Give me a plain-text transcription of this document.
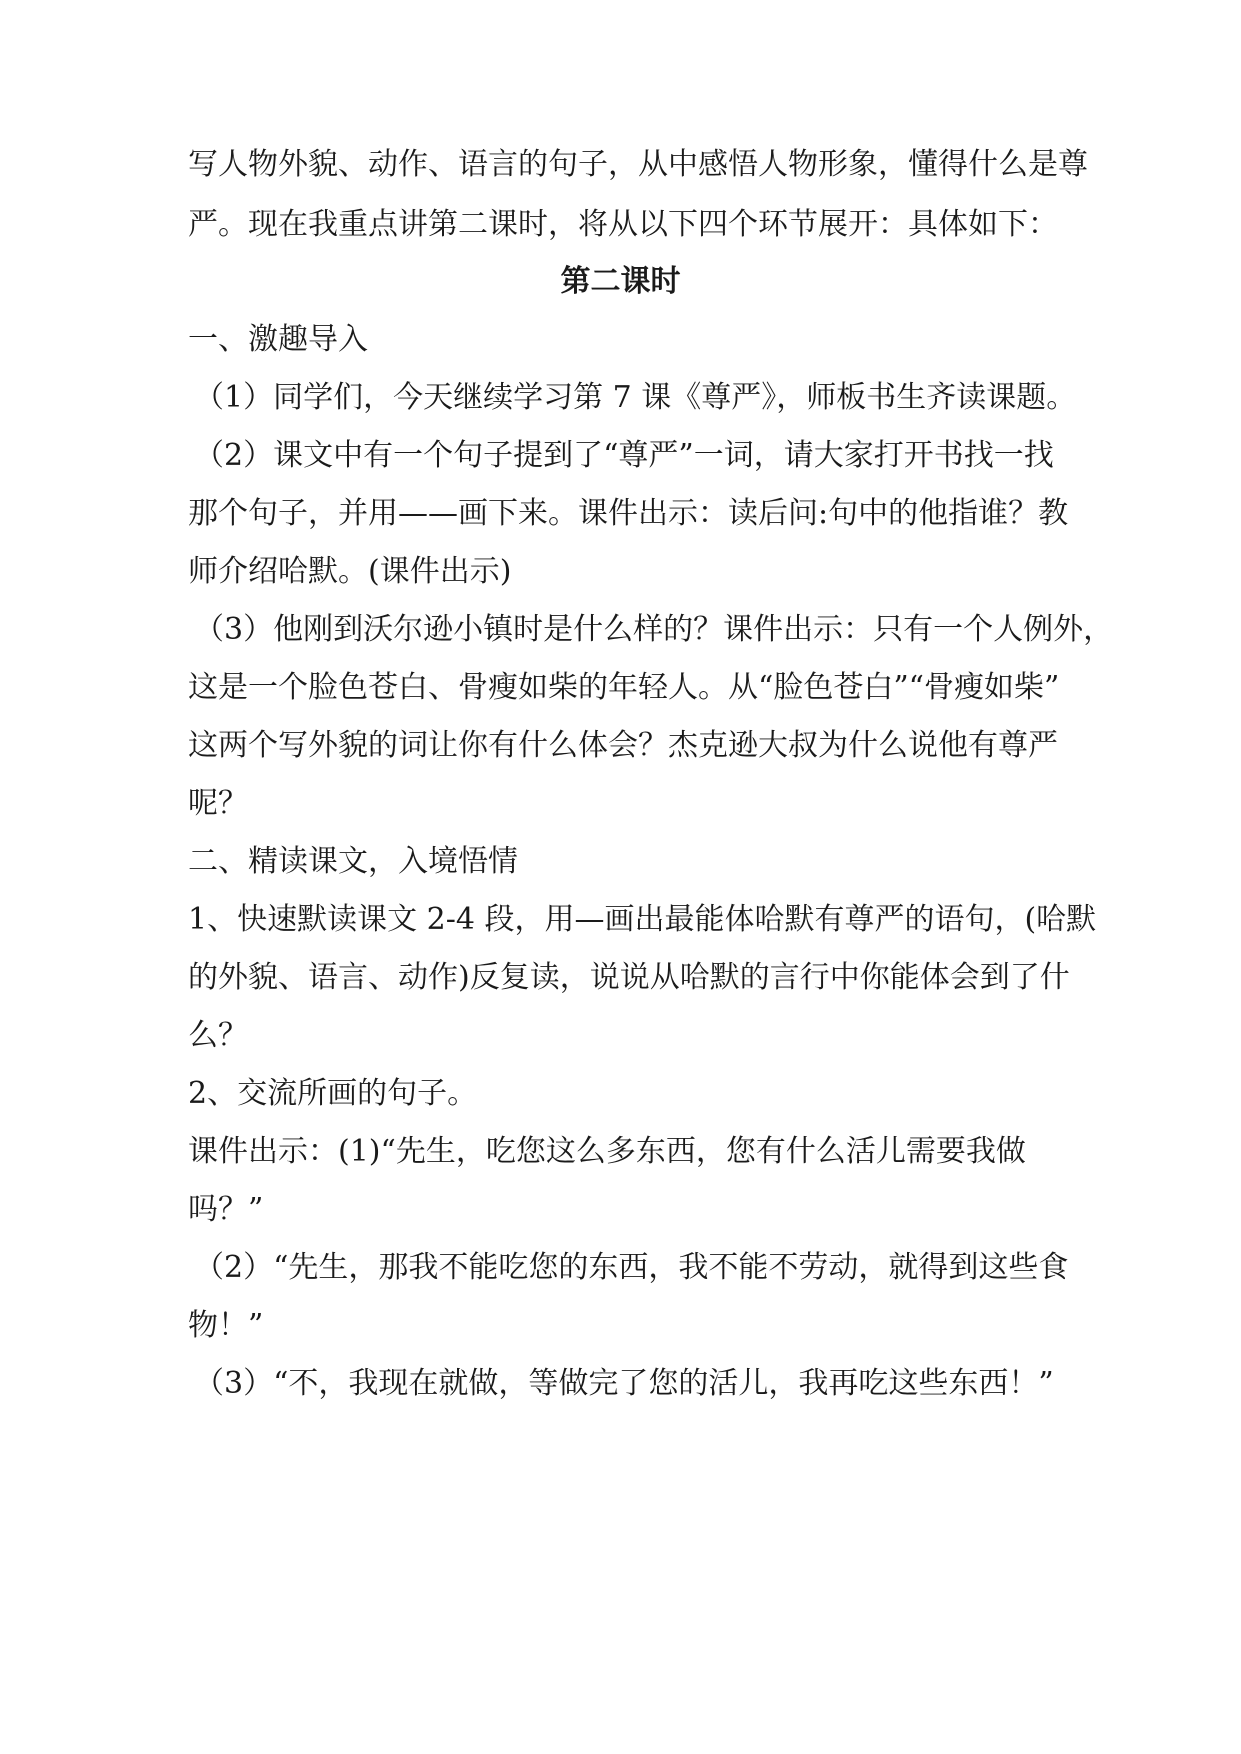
写人物外貌、动作、语言的句子，从中感悟人物形象，懂得什么是尊
严。现在我重点讲第二课时，将从以下四个环节展开：具体如下：
第二课时
一、激趣导入
（1）同学们，今天继续学习第 7 课《尊严》，师板书生齐读课题。
（2）课文中有一个句子提到了“尊严”一词，请大家打开书找一找
那个句子，并用——画下来。课件出示：读后问:句中的他指谁？教
师介绍哈默。(课件出示)
（3）他刚到沃尔逊小镇时是什么样的？课件出示：只有一个人例外，
这是一个脸色苍白、骨瘦如柴的年轻人。从“脸色苍白”“骨瘦如柴”
这两个写外貌的词让你有什么体会？杰克逊大叔为什么说他有尊严
呢？
二、精读课文，入境悟情
1、快速默读课文 2-4 段，用—画出最能体哈默有尊严的语句，(哈默
的外貌、语言、动作)反复读，说说从哈默的言行中你能体会到了什
么？
2、交流所画的句子。
课件出示：(1)“先生，吃您这么多东西，您有什么活儿需要我做
吗？”
（2）“先生，那我不能吃您的东西，我不能不劳动，就得到这些食
物！”
（3）“不，我现在就做，等做完了您的活儿，我再吃这些东西！”
